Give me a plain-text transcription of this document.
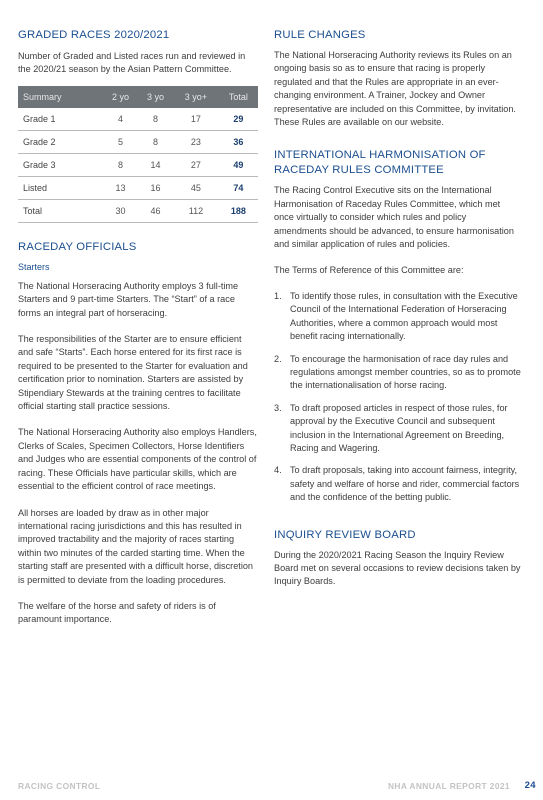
GRADED RACES 2020/2021

Number of Graded and Listed races run and reviewed in the 2020/21 season by the Asian Pattern Committee.

Summary	2 yo	3 yo	3 yo+	Total
Grade 1	4	8	17	29
Grade 2	5	8	23	36
Grade 3	8	14	27	49
Listed	13	16	45	74
Total	30	46	112	188
RACEDAY OFFICIALS
Starters

The National Horseracing Authority employs 3 full-time Starters and 9 part-time Starters. The “Start” of a race forms an integral part of horseracing.

The responsibilities of the Starter are to ensure efficient and safe “Starts”. Each horse entered for its first race is required to be presented to the Starter for evaluation and certification prior to nomination. Starters are assisted by Stipendiary Stewards at the training centres to facilitate official starting stall practice sessions.

The National Horseracing Authority also employs Handlers, Clerks of Scales, Specimen Collectors, Horse Identifiers and Judges who are essential components of the control of racing. These Officials have particular skills, which are essential to the efficient control of race meetings.

All horses are loaded by draw as in other major international racing jurisdictions and this has resulted in improved tractability and the majority of races starting within two minutes of the carded starting time. When the starting staff are presented with a difficult horse, discretion is permitted to deviate from the loading procedures.

The welfare of the horse and safety of riders is of paramount importance.

RULE CHANGES

The National Horseracing Authority reviews its Rules on an ongoing basis so as to ensure that racing is properly regulated and that the Rules are appropriate in an ever-changing environment. A Trainer, Jockey and Owner representative are included on this Committee, by invitation. These Rules are available on our website.

INTERNATIONAL HARMONISATION OF RACEDAY RULES COMMITTEE

The Racing Control Executive sits on the International Harmonisation of Raceday Rules Committee, which met once virtually to consider which rules and policy amendments should be advanced, to ensure harmonisation and similar application of rules and policies.

The Terms of Reference of this Committee are:

1. To identify those rules, in consultation with the Executive Council of the International Federation of Horseracing Authorities, where a common approach would most benefit racing internationally.
2. To encourage the harmonisation of race day rules and regulations amongst member countries, so as to promote the internationalisation of horse racing.
3. To draft proposed articles in respect of those rules, for approval by the Executive Council and subsequent inclusion in the International Agreement on Breeding, Racing and Wagering.
4. To draft proposals, taking into account fairness, integrity, safety and welfare of horse and rider, commercial factors and the confidence of the betting public.
INQUIRY REVIEW BOARD

During the 2020/2021 Racing Season the Inquiry Review Board met on several occasions to review decisions taken by Inquiry Boards.

RACING CONTROL	NHA ANNUAL REPORT 2021 24
